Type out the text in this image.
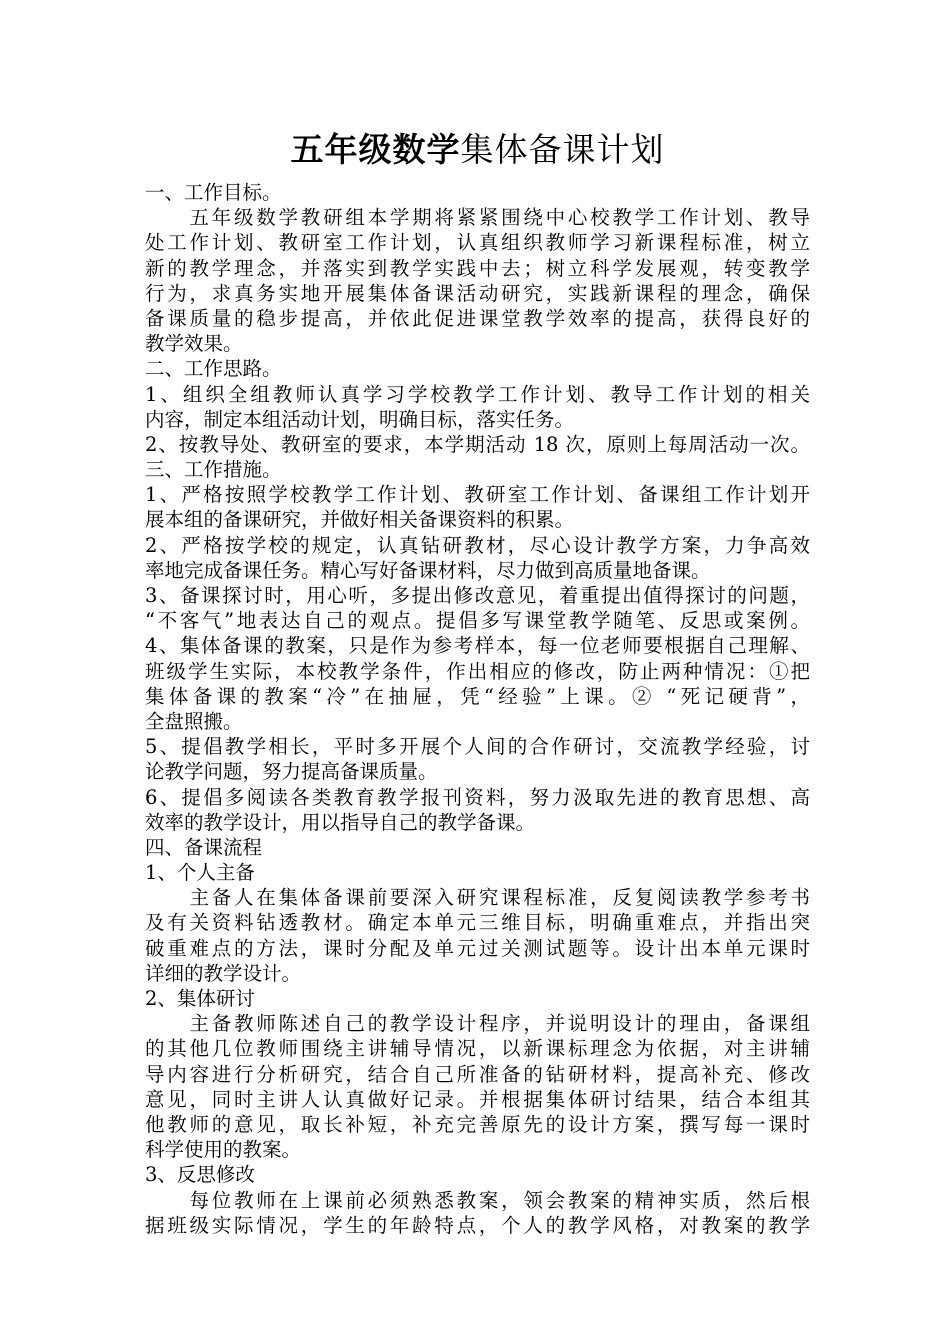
五年级数学集体备课计划
一、工作目标。
　　五年级数学教研组本学期将紧紧围绕中心校教学工作计划、教导
处工作计划、教研室工作计划，认真组织教师学习新课程标准，树立
新的教学理念，并落实到教学实践中去；树立科学发展观，转变教学
行为，求真务实地开展集体备课活动研究，实践新课程的理念，确保
备课质量的稳步提高，并依此促进课堂教学效率的提高，获得良好的
教学效果。
二、工作思路。
1、组织全组教师认真学习学校教学工作计划、教导工作计划的相关
内容，制定本组活动计划，明确目标，落实任务。
2、按教导处、教研室的要求，本学期活动 18 次，原则上每周活动一次。
三、工作措施。
1、严格按照学校教学工作计划、教研室工作计划、备课组工作计划开
展本组的备课研究，并做好相关备课资料的积累。
2、严格按学校的规定，认真钻研教材，尽心设计教学方案，力争高效
率地完成备课任务。精心写好备课材料，尽力做到高质量地备课。
3、备课探讨时，用心听，多提出修改意见，着重提出值得探讨的问题，
“不客气”地表达自己的观点。提倡多写课堂教学随笔、反思或案例。
4、集体备课的教案，只是作为参考样本，每一位老师要根据自己理解、
班级学生实际，本校教学条件，作出相应的修改，防止两种情况：①把
集体备课的教案“冷”在抽屉，凭“经验”上课。② “死记硬背”，
全盘照搬。
5、提倡教学相长，平时多开展个人间的合作研讨，交流教学经验，讨
论教学问题，努力提高备课质量。
6、提倡多阅读各类教育教学报刊资料，努力汲取先进的教育思想、高
效率的教学设计，用以指导自己的教学备课。
四、备课流程
1、个人主备
　　主备人在集体备课前要深入研究课程标准，反复阅读教学参考书
及有关资料钻透教材。确定本单元三维目标，明确重难点，并指出突
破重难点的方法，课时分配及单元过关测试题等。设计出本单元课时
详细的教学设计。
2、集体研讨
　　主备教师陈述自己的教学设计程序，并说明设计的理由，备课组
的其他几位教师围绕主讲辅导情况，以新课标理念为依据，对主讲辅
导内容进行分析研究，结合自己所准备的钻研材料，提高补充、修改
意见，同时主讲人认真做好记录。并根据集体研讨结果，结合本组其
他教师的意见，取长补短，补充完善原先的设计方案，撰写每一课时
科学使用的教案。
3、反思修改
　　每位教师在上课前必须熟悉教案，领会教案的精神实质，然后根
据班级实际情况，学生的年龄特点，个人的教学风格，对教案的教学
